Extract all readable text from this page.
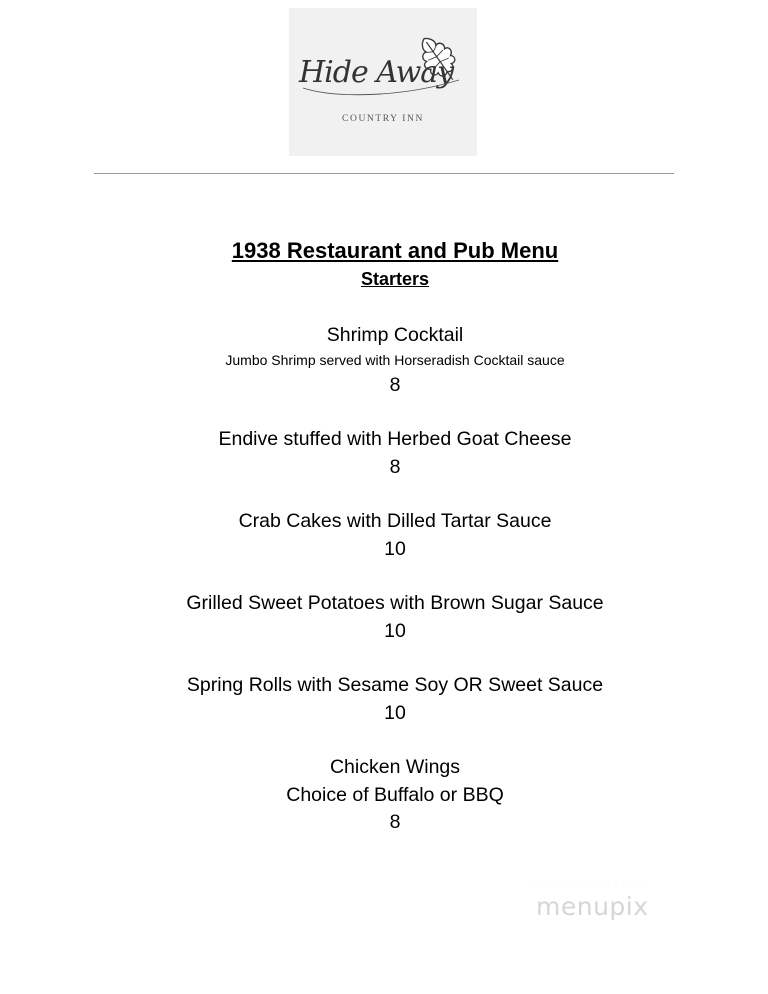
Hide Away
COUNTRY INN
1938 Restaurant and Pub Menu
Starters
Shrimp Cocktail
Jumbo Shrimp served with Horseradish Cocktail sauce
8
Endive stuffed with Herbed Goat Cheese
8
Crab Cakes with Dilled Tartar Sauce
10
Grilled Sweet Potatoes with Brown Sugar Sauce
10
Spring Rolls with Sesame Soy OR Sweet Sauce
10
Chicken Wings
Choice of Buffalo or BBQ
8
· · · · · · · · · · · · · · · ·
menupix
